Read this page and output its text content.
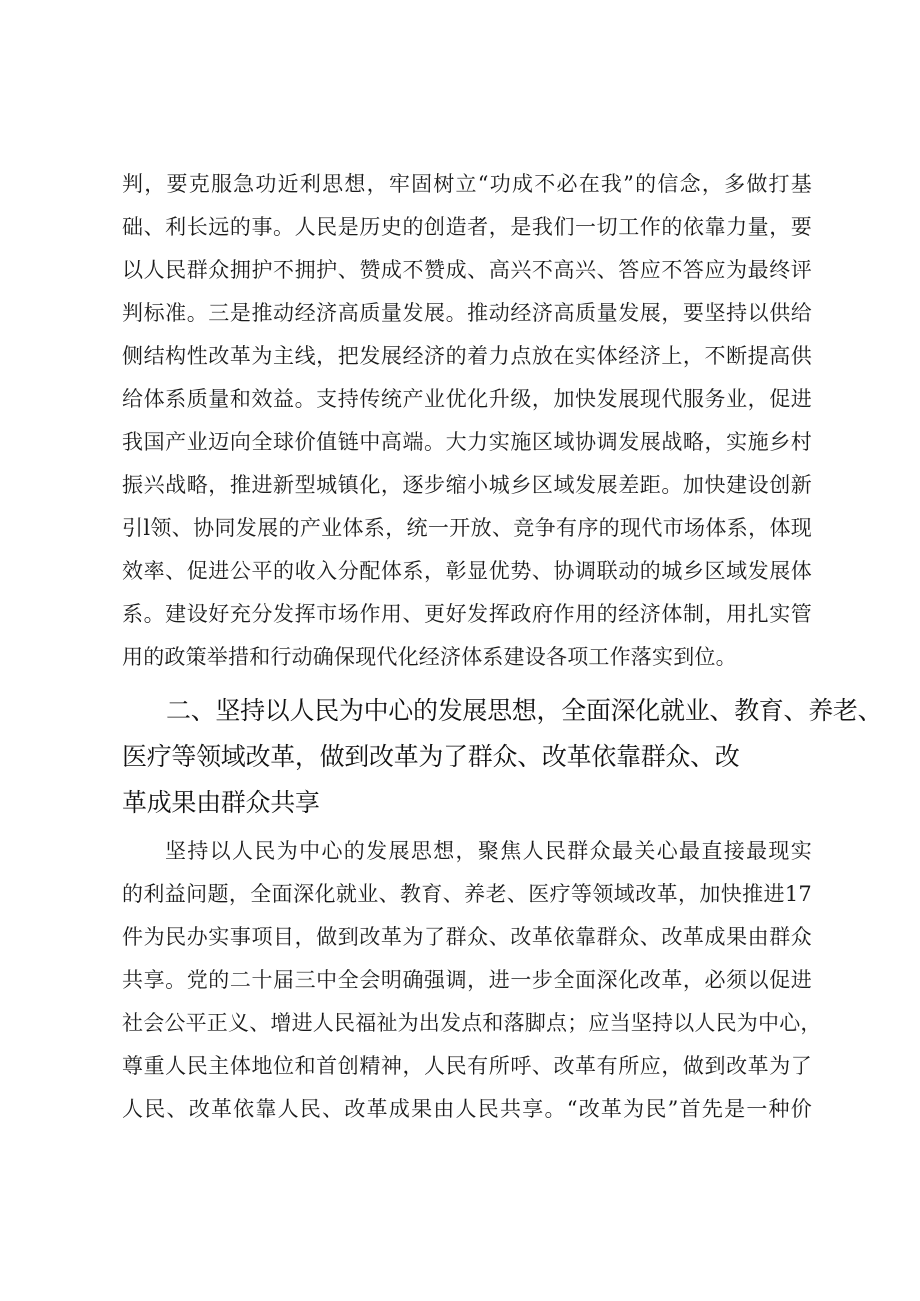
判，要克服急功近利思想，牢固树立“功成不必在我”的信念，多做打基
础、利长远的事。人民是历史的创造者，是我们一切工作的依靠力量，要
以人民群众拥护不拥护、赞成不赞成、高兴不高兴、答应不答应为最终评
判标准。三是推动经济高质量发展。推动经济高质量发展，要坚持以供给
侧结构性改革为主线，把发展经济的着力点放在实体经济上，不断提高供
给体系质量和效益。支持传统产业优化升级，加快发展现代服务业，促进
我国产业迈向全球价值链中高端。大力实施区域协调发展战略，实施乡村
振兴战略，推进新型城镇化，逐步缩小城乡区域发展差距。加快建设创新
引l领、协同发展的产业体系，统一开放、竞争有序的现代市场体系，体现
效率、促进公平的收入分配体系，彰显优势、协调联动的城乡区域发展体
系。建设好充分发挥市场作用、更好发挥政府作用的经济体制，用扎实管
用的政策举措和行动确保现代化经济体系建设各项工作落实到位。
二、坚持以人民为中心的发展思想，全面深化就业、教育、养老、
医疗等领域改革，做到改革为了群众、改革依靠群众、改
革成果由群众共享
坚持以人民为中心的发展思想，聚焦人民群众最关心最直接最现实
的利益问题，全面深化就业、教育、养老、医疗等领域改革，加快推进17
件为民办实事项目，做到改革为了群众、改革依靠群众、改革成果由群众
共享。党的二十届三中全会明确强调，进一步全面深化改革，必须以促进
社会公平正义、增进人民福祉为出发点和落脚点；应当坚持以人民为中心，
尊重人民主体地位和首创精神，人民有所呼、改革有所应，做到改革为了
人民、改革依靠人民、改革成果由人民共享。“改革为民”首先是一种价
